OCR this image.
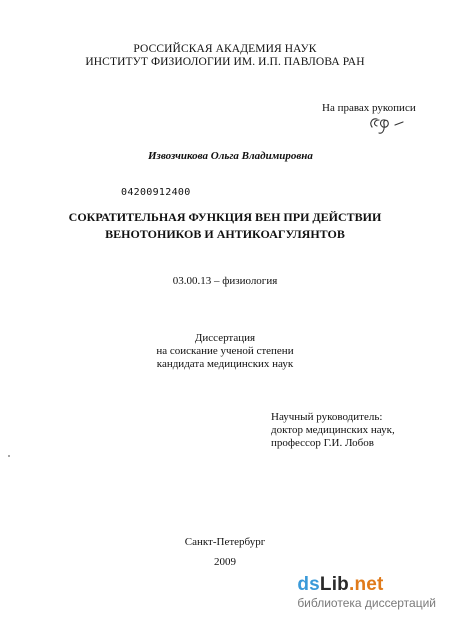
РОССИЙСКАЯ АКАДЕМИЯ НАУК
ИНСТИТУТ ФИЗИОЛОГИИ ИМ. И.П. ПАВЛОВА РАН
На правах рукописи
Извозчикова Ольга Владимировна
04200912400
СОКРАТИТЕЛЬНАЯ ФУНКЦИЯ ВЕН ПРИ ДЕЙСТВИИ
ВЕНОТОНИКОВ И АНТИКОАГУЛЯНТОВ
03.00.13 – физиология
Диссертация
на соискание ученой степени
кандидата медицинских наук
Научный руководитель:
доктор медицинских наук,
профессор Г.И. Лобов
Санкт-Петербург
2009
dsLib.net
библиотека диссертаций
